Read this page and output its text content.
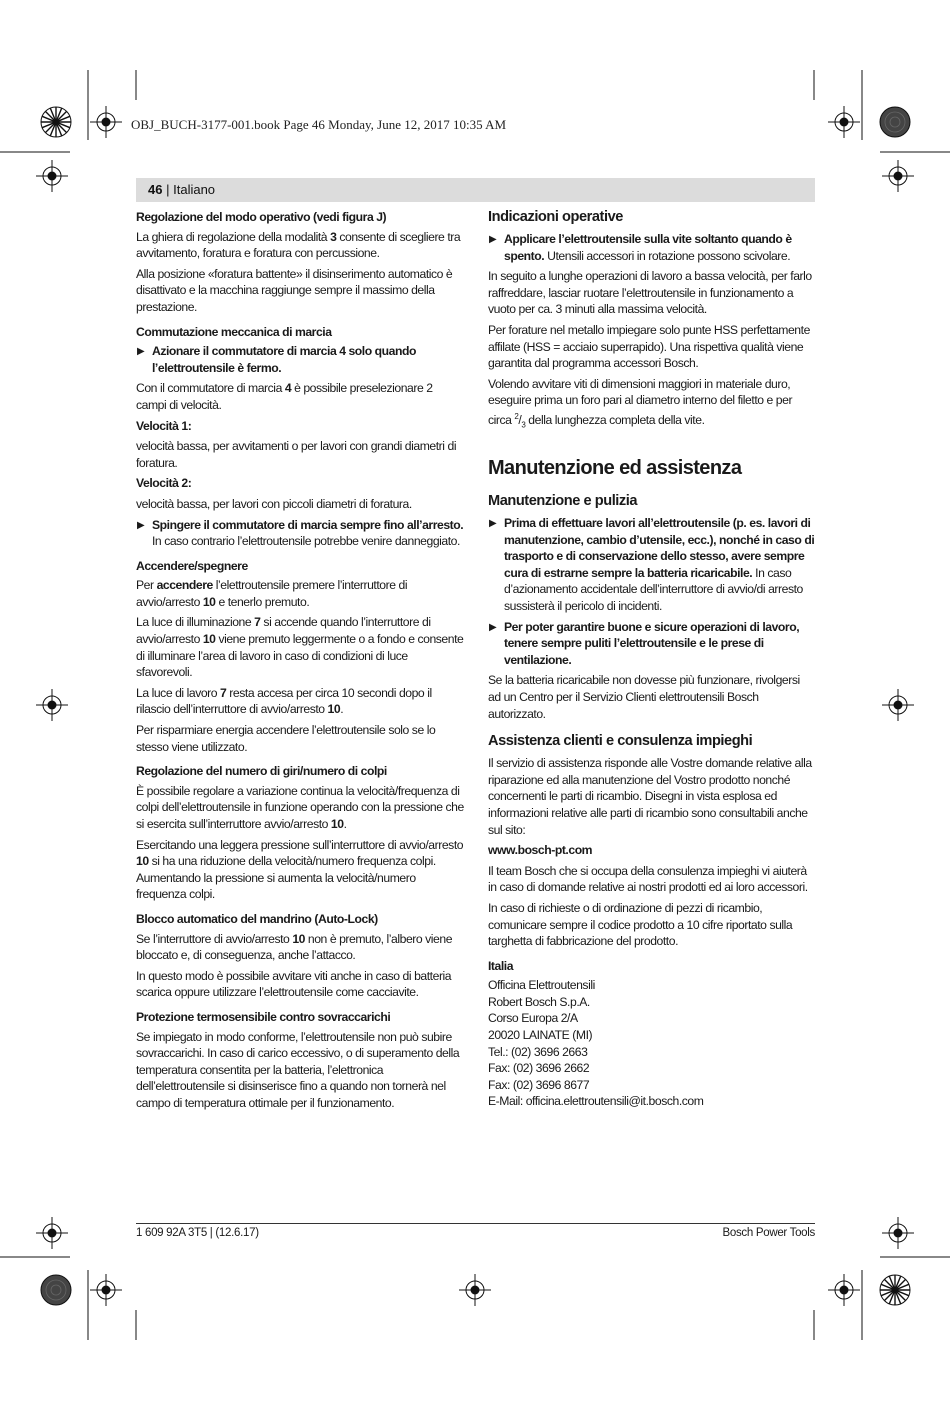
OBJ_BUCH-3177-001.book Page 46 Monday, June 12, 2017 10:35 AM
46 | Italiano
Regolazione del modo operativo (vedi figura J)

La ghiera di regolazione della modalità 3 consente di scegliere tra avvitamento, foratura e foratura con percussione.

Alla posizione «foratura battente» il disinserimento automatico è disattivato e la macchina raggiunge sempre il massimo della prestazione.

Commutazione meccanica di marcia
▶ Azionare il commutatore di marcia 4 solo quando l’elettroutensile è fermo.

Con il commutatore di marcia 4 è possibile preselezionare 2 campi di velocità.

Velocità 1:

velocità bassa, per avvitamenti o per lavori con grandi diametri di foratura.

Velocità 2:

velocità bassa, per lavori con piccoli diametri di foratura.

▶ Spingere il commutatore di marcia sempre fino all’arresto. In caso contrario l’elettroutensile potrebbe venire danneggiato.
Accendere/spegnere

Per accendere l’elettroutensile premere l’interruttore di avvio/arresto 10 e tenerlo premuto.

La luce di illuminazione 7 si accende quando l’interruttore di avvio/arresto 10 viene premuto leggermente o a fondo e consente di illuminare l’area di lavoro in caso di condizioni di luce sfavorevoli.

La luce di lavoro 7 resta accesa per circa 10 secondi dopo il rilascio dell’interruttore di avvio/arresto 10.

Per risparmiare energia accendere l’elettroutensile solo se lo stesso viene utilizzato.

Regolazione del numero di giri/numero di colpi

È possibile regolare a variazione continua la velocità/frequenza di colpi dell’elettroutensile in funzione operando con la pressione che si esercita sull’interruttore avvio/arresto 10.

Esercitando una leggera pressione sull’interruttore di avvio/arresto 10 si ha una riduzione della velocità/numero frequenza colpi. Aumentando la pressione si aumenta la velocità/numero frequenza colpi.

Blocco automatico del mandrino (Auto-Lock)

Se l’interruttore di avvio/arresto 10 non è premuto, l’albero viene bloccato e, di conseguenza, anche l’attacco.

In questo modo è possibile avvitare viti anche in caso di batteria scarica oppure utilizzare l’elettroutensile come cacciavite.

Protezione termosensibile contro sovraccarichi

Se impiegato in modo conforme, l’elettroutensile non può subire sovraccarichi. In caso di carico eccessivo, o di superamento della temperatura consentita per la batteria, l’elettronica dell’elettroutensile si disinserisce fino a quando non tornerà nel campo di temperatura ottimale per il funzionamento.

Indicazioni operative
▶ Applicare l’elettroutensile sulla vite soltanto quando è spento. Utensili accessori in rotazione possono scivolare.

In seguito a lunghe operazioni di lavoro a bassa velocità, per farlo raffreddare, lasciar ruotare l’elettroutensile in funzionamento a vuoto per ca. 3 minuti alla massima velocità.

Per forature nel metallo impiegare solo punte HSS perfettamente affilate (HSS = acciaio superrapido). Una rispettiva qualità viene garantita dal programma accessori Bosch.

Volendo avvitare viti di dimensioni maggiori in materiale duro, eseguire prima un foro pari al diametro interno del filetto e per circa $^2/_3$ della lunghezza completa della vite.

Manutenzione ed assistenza
Manutenzione e pulizia
▶ Prima di effettuare lavori all’elettroutensile (p. es. lavori di manutenzione, cambio d’utensile, ecc.), nonché in caso di trasporto e di conservazione dello stesso, avere sempre cura di estrarne sempre la batteria ricaricabile. In caso d’azionamento accidentale dell’interruttore di avvio/di arresto sussisterà il pericolo di incidenti.
▶ Per poter garantire buone e sicure operazioni di lavoro, tenere sempre puliti l’elettroutensile e le prese di ventilazione.

Se la batteria ricaricabile non dovesse più funzionare, rivolgersi ad un Centro per il Servizio Clienti elettroutensili Bosch autorizzato.

Assistenza clienti e consulenza impieghi

Il servizio di assistenza risponde alle Vostre domande relative alla riparazione ed alla manutenzione del Vostro prodotto nonché concernenti le parti di ricambio. Disegni in vista esplosa ed informazioni relative alle parti di ricambio sono consultabili anche sul sito:

www.bosch-pt.com

Il team Bosch che si occupa della consulenza impieghi vi aiuterà in caso di domande relative ai nostri prodotti ed ai loro accessori.

In caso di richieste o di ordinazione di pezzi di ricambio, comunicare sempre il codice prodotto a 10 cifre riportato sulla targhetta di fabbricazione del prodotto.

Italia

Officina Elettroutensili

Robert Bosch S.p.A.

Corso Europa 2/A

20020 LAINATE (MI)

Tel.: (02) 3696 2663

Fax: (02) 3696 2662

Fax: (02) 3696 8677

E-Mail: officina.elettroutensili@it.bosch.com

1 609 92A 3T5 | (12.6.17)	Bosch Power Tools
